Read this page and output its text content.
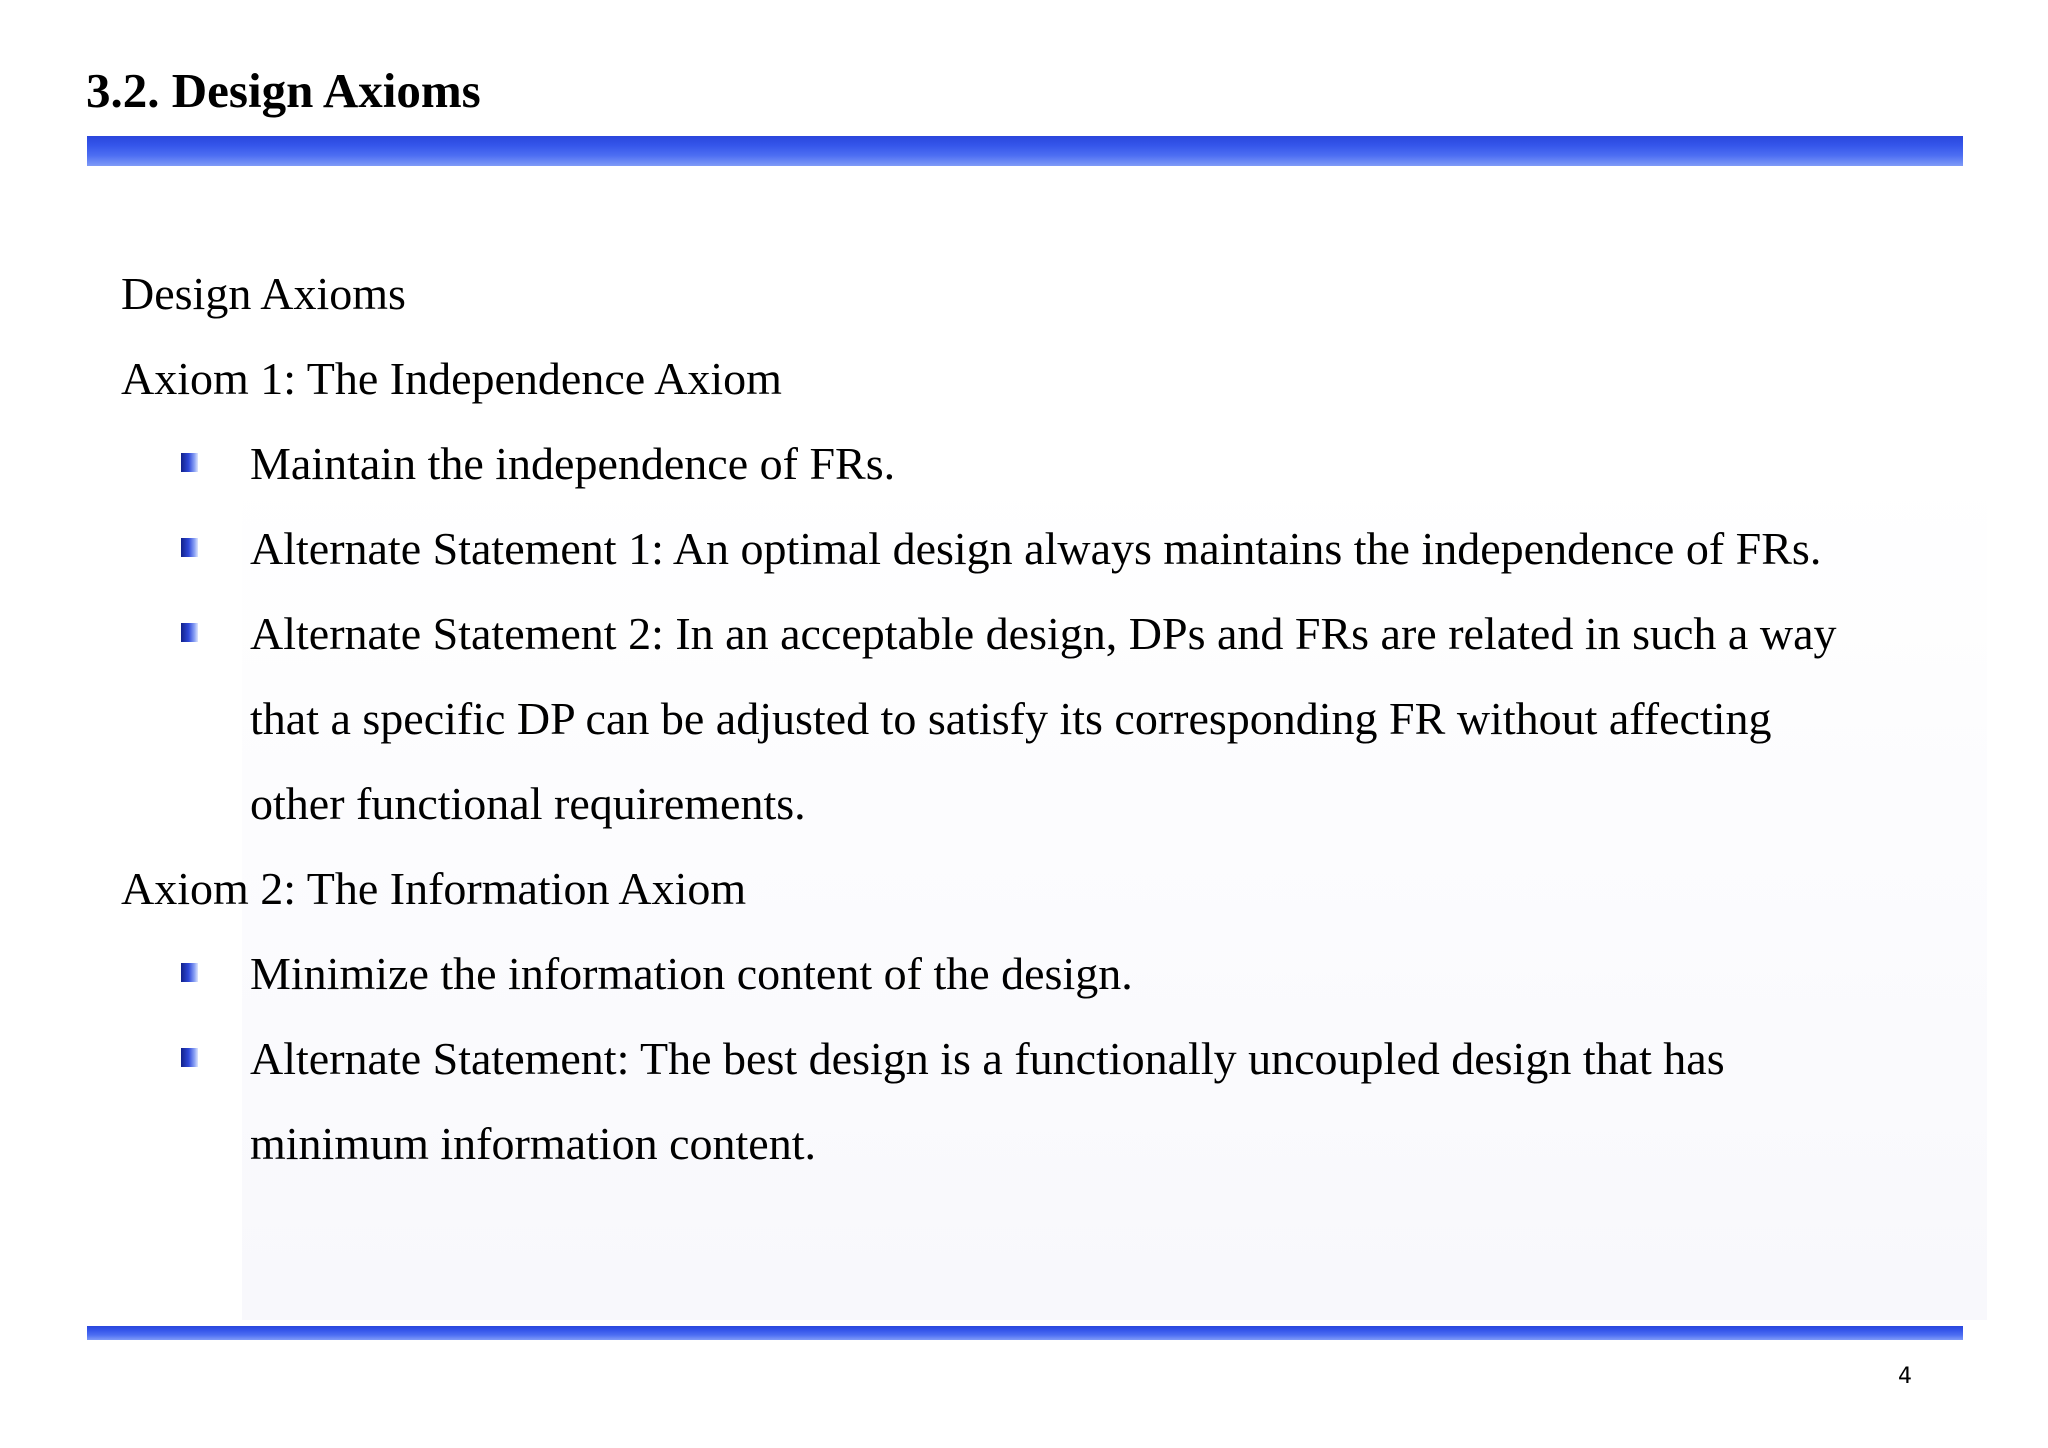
3.2. Design Axioms
Design Axioms
Axiom 1: The Independence Axiom
Maintain the independence of FRs.
Alternate Statement 1: An optimal design always maintains the independence of FRs.
Alternate Statement 2: In an acceptable design, DPs and FRs are related in such a way
that a specific DP can be adjusted to satisfy its corresponding FR without affecting
other functional requirements.
Axiom 2: The Information Axiom
Minimize the information content of the design.
Alternate Statement: The best design is a functionally uncoupled design that has
minimum information content.
4
